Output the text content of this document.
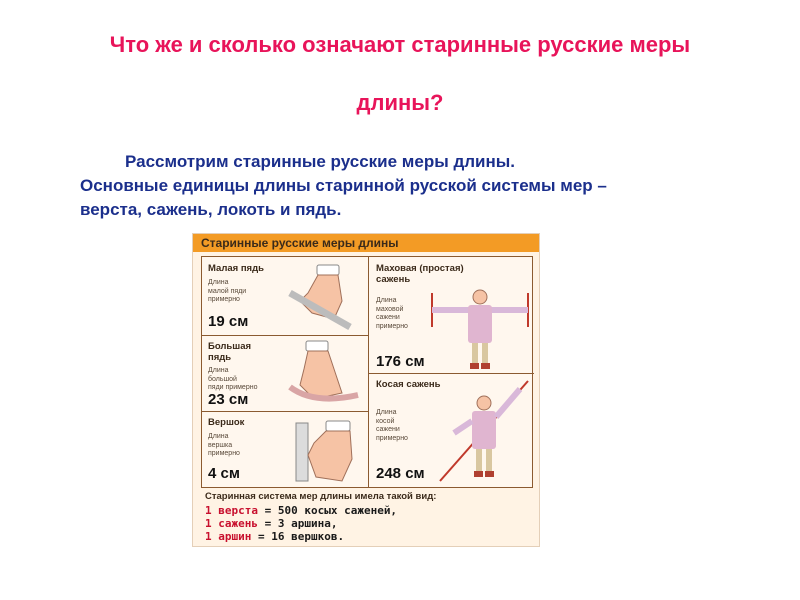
Что же и сколько означают старинные русские меры
длины?
Рассмотрим старинные русские меры длины.
Основные единицы длины старинной русской системы мер –
верста, сажень, локоть и пядь.
Старинные русские меры длины
Малая пядь
Длина
малой пяди
примерно
19 см
Большая пядь
Длина
большой
пяди примерно
23 см
Вершок
Длина
вершка
примерно
4 см
Маховая (простая) сажень
Длина
маховой
сажени
примерно
176 см
Косая сажень
Длина
косой
сажени
примерно
248 см
Старинная система мер длины имела такой вид:
1 верста = 500 косых саженей,
1 сажень = 3 аршина,
1 аршин = 16 вершков.
